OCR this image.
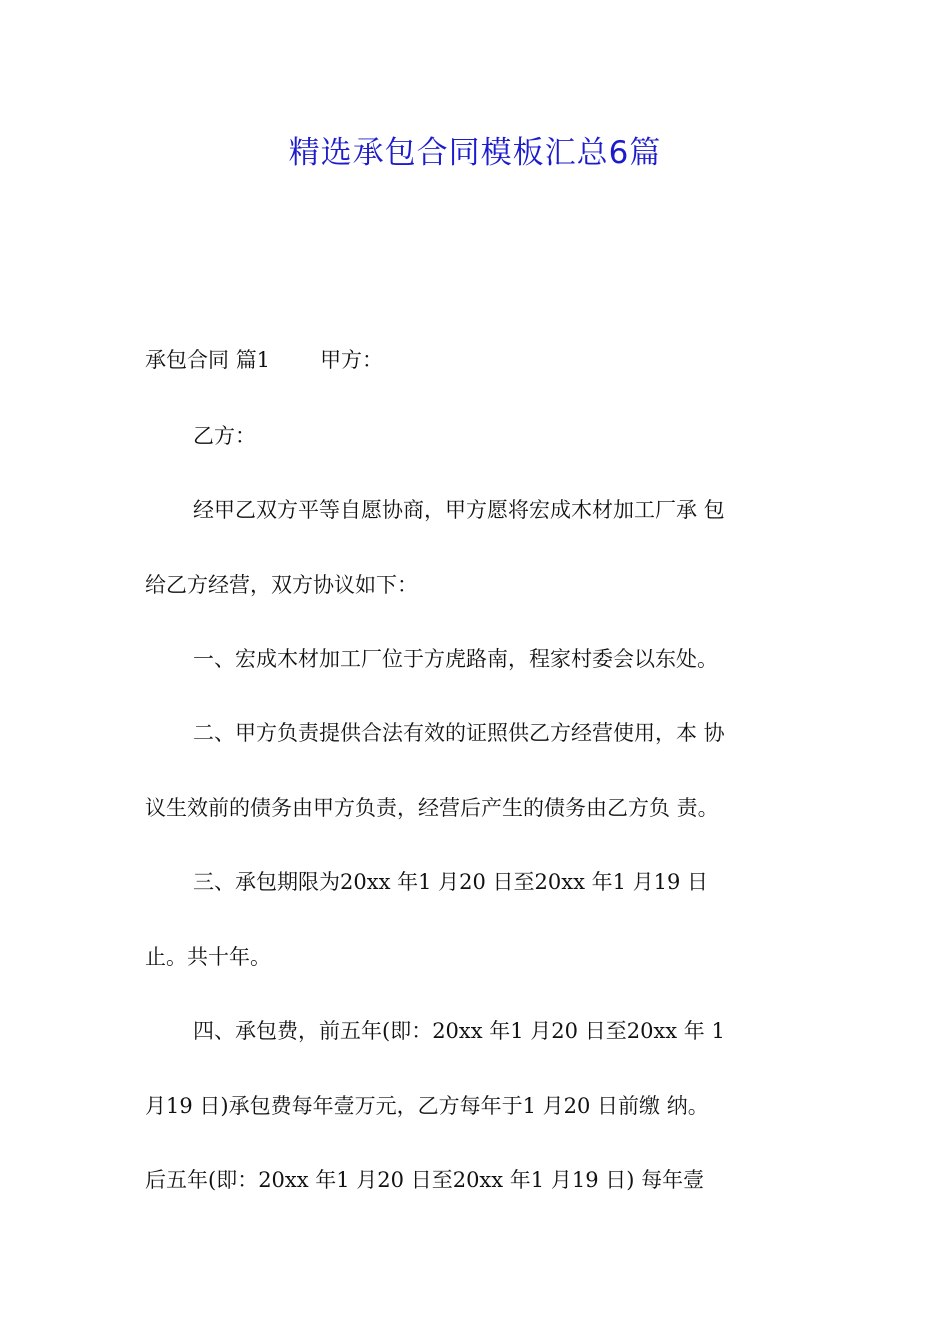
精选承包合同模板汇总6篇

承包合同 篇1 甲方：

乙方：

经甲乙双方平等自愿协商，甲方愿将宏成木材加工厂承 包

给乙方经营，双方协议如下：

一、宏成木材加工厂位于方虎路南，程家村委会以东处。

二、甲方负责提供合法有效的证照供乙方经营使用，本 协

议生效前的债务由甲方负责，经营后产生的债务由乙方负 责。

三、承包期限为20xx 年1 月20 日至20xx 年1 月19 日

止。共十年。

四、承包费，前五年(即：20xx 年1 月20 日至20xx 年 1

月19 日)承包费每年壹万元，乙方每年于1 月20 日前缴 纳。

后五年(即：20xx 年1 月20 日至20xx 年1 月19 日) 每年壹
